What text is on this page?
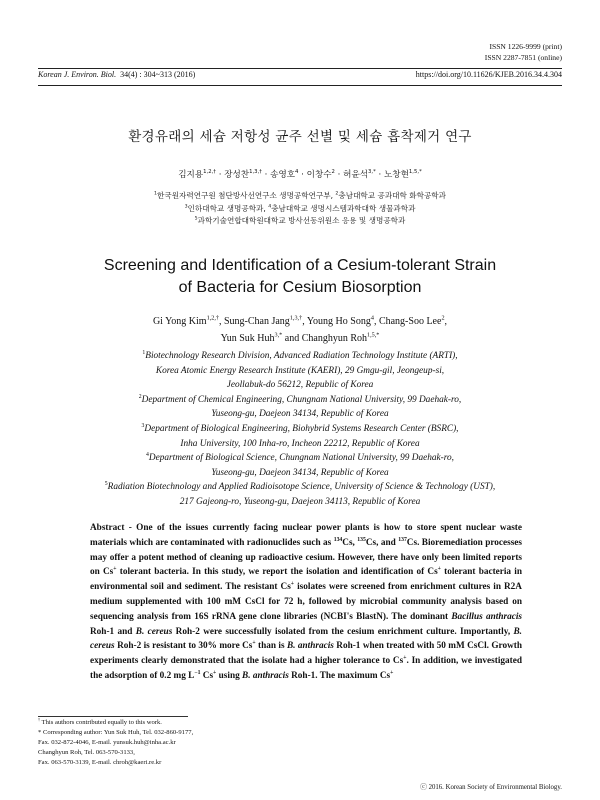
ISSN 1226-9999 (print)
ISSN 2287-7851 (online)
Korean J. Environ. Biol. 34(4) : 304~313 (2016)	https://doi.org/10.11626/KJEB.2016.34.4.304
환경유래의 세슘 저항성 균주 선별 및 세슘 흡착제거 연구
김지용$^{1,2,\dagger}$ · 장성찬$^{1,3,\dagger}$ · 송영호$^4$ · 이창수$^2$ · 허윤석$^{3,*}$ · 노창현$^{1,5,*}$
$^1$한국원자력연구원 첨단방사선연구소 생명공학연구부, $^2$충남대학교 공과대학 화학공학과
$^3$인하대학교 생명공학과, $^4$충남대학교 생명시스템과학대학 생물과학과
$^5$과학기술연합대학원대학교 방사선동위원소 응용 및 생명공학과
Screening and Identification of a Cesium-tolerant Strain
of Bacteria for Cesium Biosorption
Gi Yong Kim$^{1,2,\dagger}$, Sung-Chan Jang$^{1,3,\dagger}$, Young Ho Song$^4$, Chang-Soo Lee$^2$,
Yun Suk Huh$^{3,*}$ and Changhyun Roh$^{1,5,*}$
$^1$Biotechnology Research Division, Advanced Radiation Technology Institute (ARTI),
Korea Atomic Energy Research Institute (KAERI), 29 Gmgu-gil, Jeongeup-si,
Jeollabuk-do 56212, Republic of Korea
$^2$Department of Chemical Engineering, Chungnam National University, 99 Daehak-ro,
Yuseong-gu, Daejeon 34134, Republic of Korea
$^3$Department of Biological Engineering, Biohybrid Systems Research Center (BSRC),
Inha University, 100 Inha-ro, Incheon 22212, Republic of Korea
$^4$Department of Biological Science, Chungnam National University, 99 Daehak-ro,
Yuseong-gu, Daejeon 34134, Republic of Korea
$^5$Radiation Biotechnology and Applied Radioisotope Science, University of Science & Technology (UST),
217 Gajeong-ro, Yuseong-gu, Daejeon 34113, Republic of Korea
Abstract - One of the issues currently facing nuclear power plants is how to store spent nuclear waste materials which are contaminated with radionuclides such as $^{134}$Cs, $^{135}$Cs, and $^{137}$Cs. Bioremediation processes may offer a potent method of cleaning up radioactive cesium. However, there have only been limited reports on Cs+ tolerant bacteria. In this study, we report the isolation and identification of Cs+ tolerant bacteria in environmental soil and sediment. The resistant Cs+ isolates were screened from enrichment cultures in R2A medium supplemented with 100 mM CsCl for 72 h, followed by microbial community analysis based on sequencing analysis from 16S rRNA gene clone libraries (NCBI's BlastN). The dominant Bacillus anthracis Roh-1 and B. cereus Roh-2 were successfully isolated from the cesium enrichment culture. Importantly, B. cereus Roh-2 is resistant to 30% more Cs+ than is B. anthracis Roh-1 when treated with 50 mM CsCl. Growth experiments clearly demonstrated that the isolate had a higher tolerance to Cs+. In addition, we investigated the adsorption of 0.2 mg $L^{-1}$ Cs+ using B. anthracis Roh-1. The maximum Cs+
† This authors contributed equally to this work.
* Corresponding author: Yun Suk Huh, Tel. 032-860-9177,
Fax. 032-872-4046, E-mail. yunsuk.huh@inha.ac.kr
Changhyun Roh, Tel. 063-570-3133,
Fax. 063-570-3139, E-mail. chroh@kaeri.re.kr
ⓒ 2016. Korean Society of Environmental Biology.
